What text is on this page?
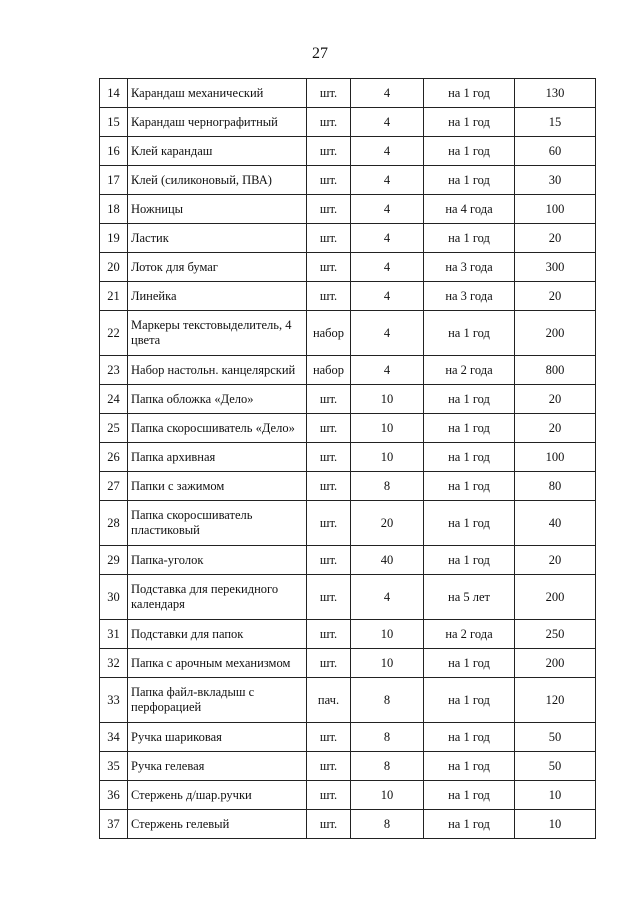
27
14	Карандаш механический	шт.	4	на 1 год	130
15	Карандаш чернографитный	шт.	4	на 1 год	15
16	Клей карандаш	шт.	4	на 1 год	60
17	Клей (силиконовый, ПВА)	шт.	4	на 1 год	30
18	Ножницы	шт.	4	на 4 года	100
19	Ластик	шт.	4	на 1 год	20
20	Лоток для бумаг	шт.	4	на 3 года	300
21	Линейка	шт.	4	на 3 года	20
22	Маркеры текстовыделитель, 4 цвета	набор	4	на 1 год	200
23	Набор настольн. канцелярский	набор	4	на 2 года	800
24	Папка обложка «Дело»	шт.	10	на 1 год	20
25	Папка скоросшиватель «Дело»	шт.	10	на 1 год	20
26	Папка архивная	шт.	10	на 1 год	100
27	Папки с зажимом	шт.	8	на 1 год	80
28	Папка скоросшиватель пластиковый	шт.	20	на 1 год	40
29	Папка-уголок	шт.	40	на 1 год	20
30	Подставка для перекидного календаря	шт.	4	на 5 лет	200
31	Подставки для папок	шт.	10	на 2 года	250
32	Папка с арочным механизмом	шт.	10	на 1 год	200
33	Папка файл-вкладыш с перфорацией	пач.	8	на 1 год	120
34	Ручка шариковая	шт.	8	на 1 год	50
35	Ручка гелевая	шт.	8	на 1 год	50
36	Стержень д/шар.ручки	шт.	10	на 1 год	10
37	Стержень гелевый	шт.	8	на 1 год	10
